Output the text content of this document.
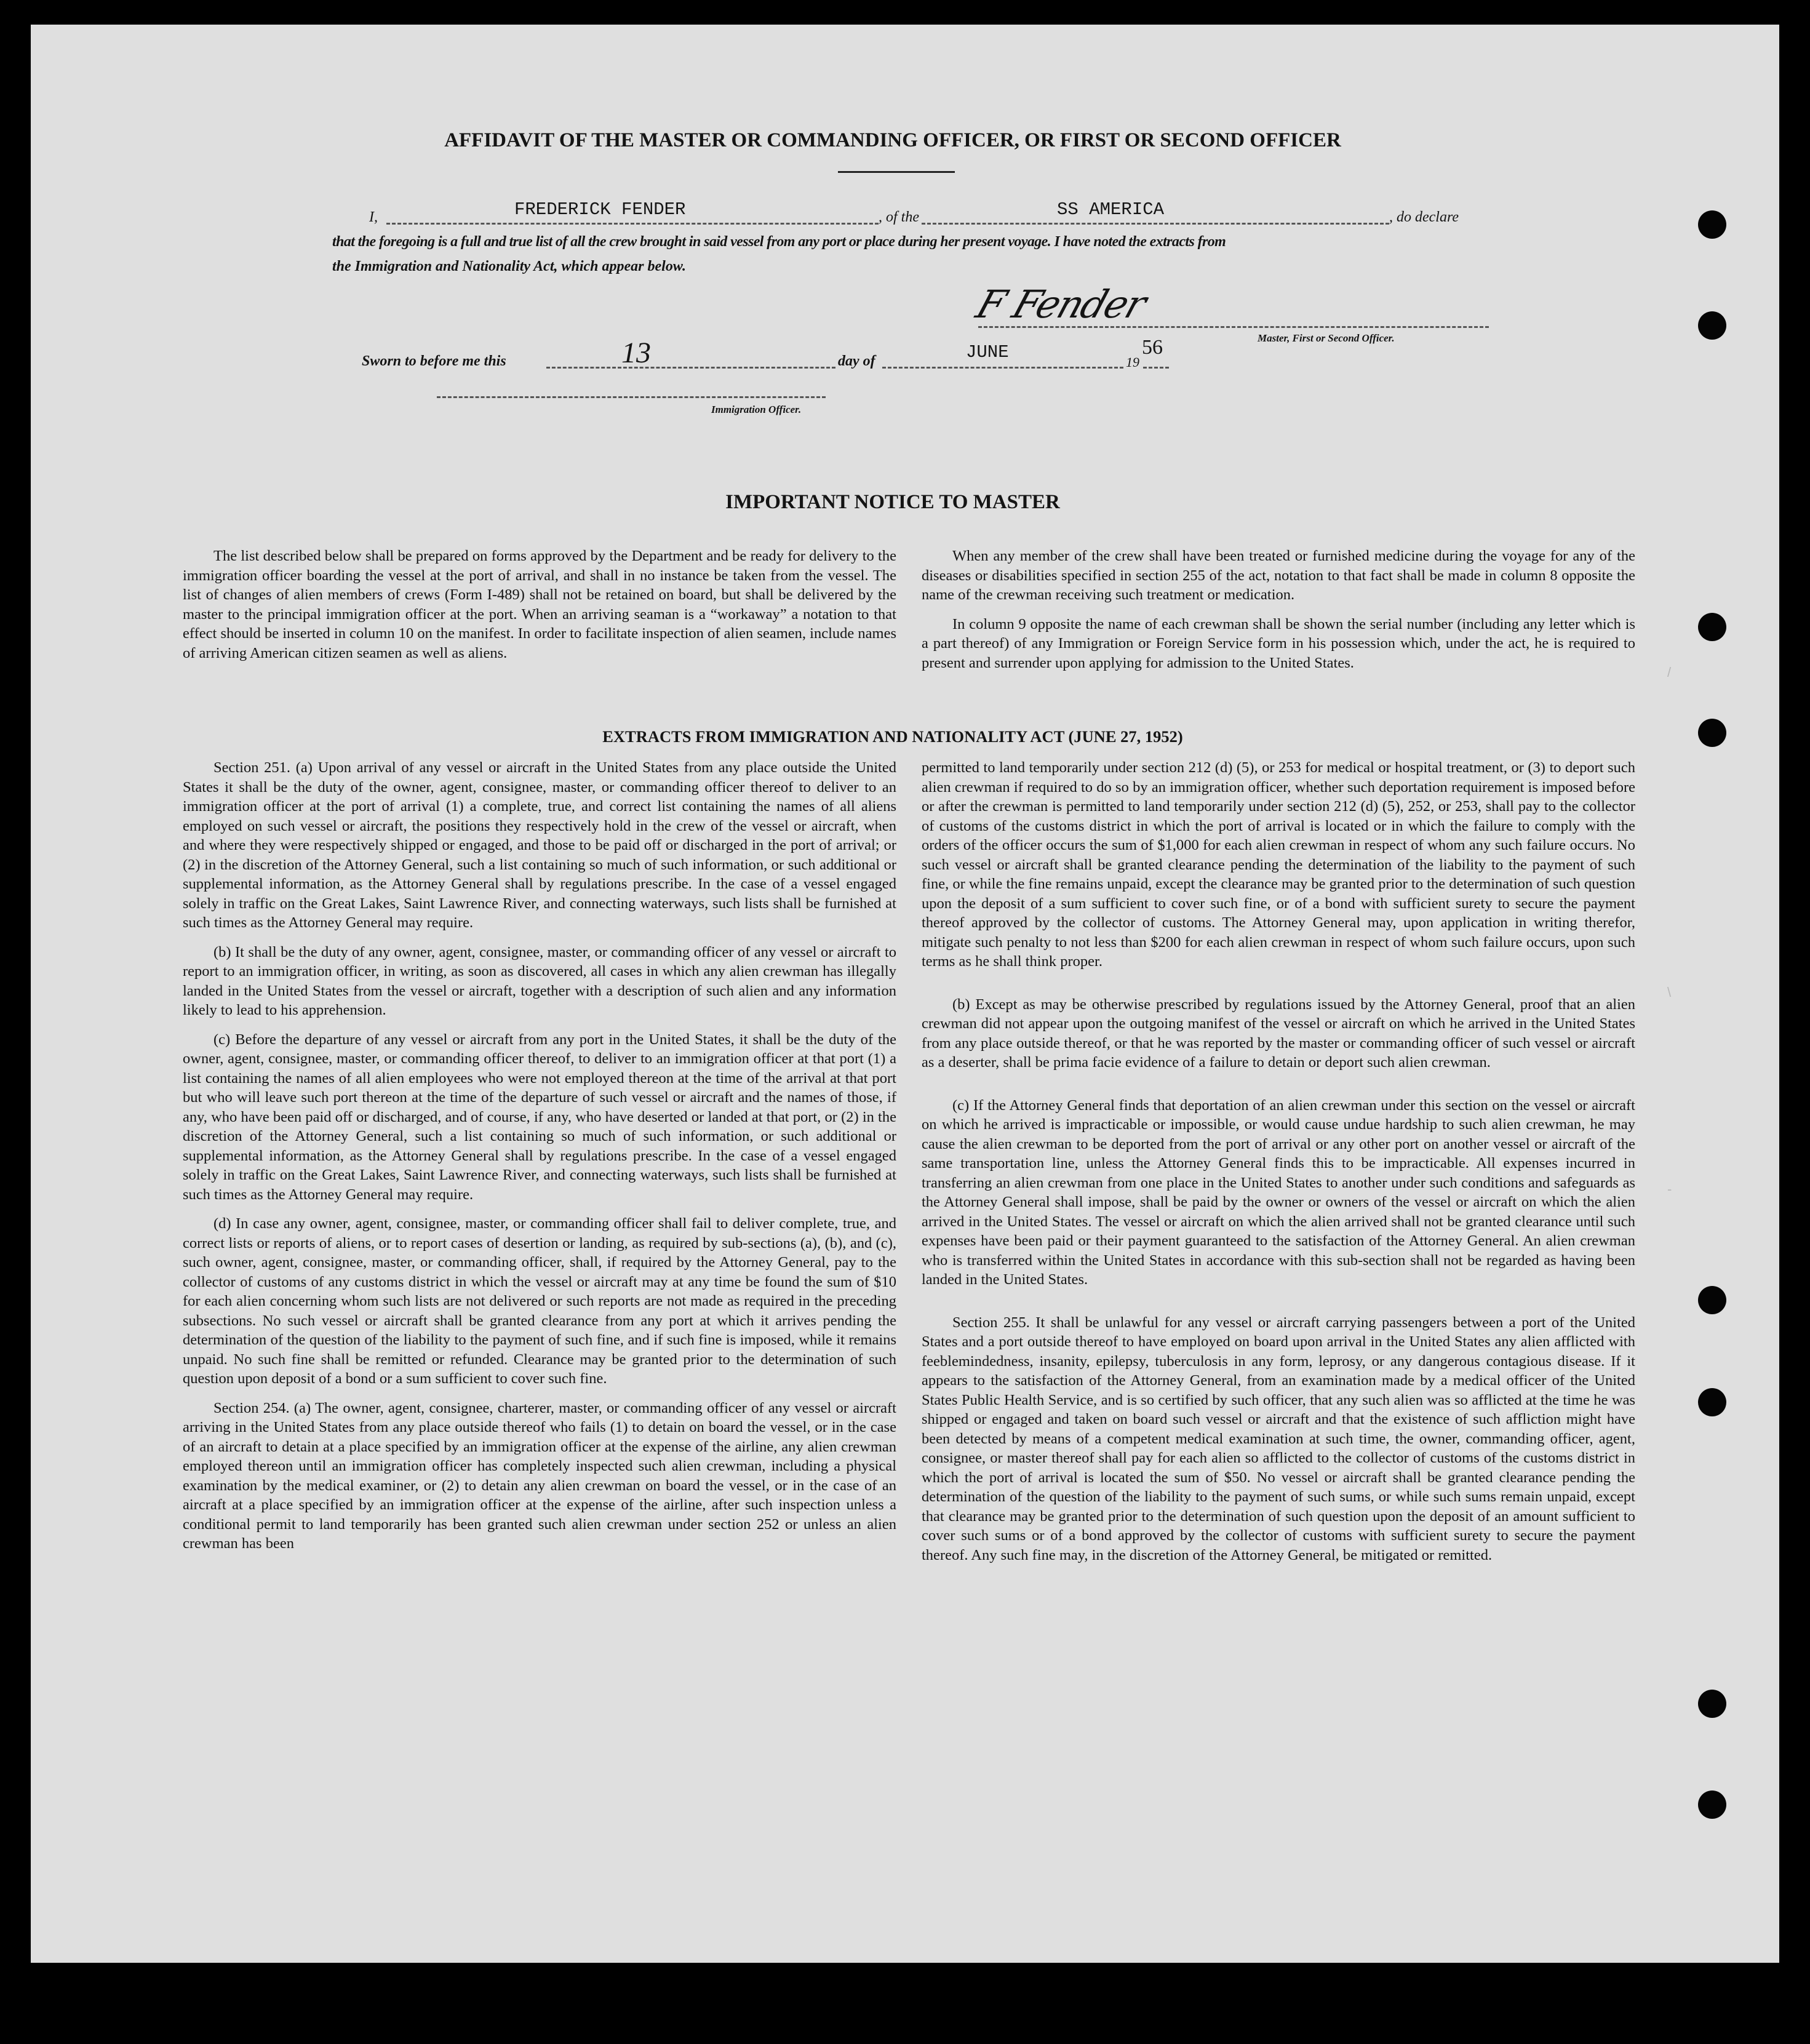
/
\
-
AFFIDAVIT OF THE MASTER OR COMMANDING OFFICER, OR FIRST OR SECOND OFFICER
I,	FREDERICK FENDER	, of the	SS AMERICA	, do declare
that the foregoing is a full and true list of all the crew brought in said vessel from any port or place during her present voyage. I have noted the extracts from
the Immigration and Nationality Act, which appear below.
F Fender
Master, First or Second Officer.
Sworn to before me this	13	day of	JUNE	19
56
Immigration Officer.
IMPORTANT NOTICE TO MASTER

The list described below shall be prepared on forms approved by the Department and be ready for delivery to the immigration officer boarding the vessel at the port of arrival, and shall in no instance be taken from the vessel. The list of changes of alien members of crews (Form I-489) shall not be retained on board, but shall be delivered by the master to the principal immigration officer at the port. When an arriving seaman is a “workaway” a notation to that effect should be inserted in column 10 on the manifest. In order to facilitate inspection of alien seamen, include names of arriving American citizen seamen as well as aliens.

When any member of the crew shall have been treated or furnished medicine during the voyage for any of the diseases or disabilities specified in section 255 of the act, notation to that fact shall be made in column 8 opposite the name of the crewman receiving such treatment or medication.

In column 9 opposite the name of each crewman shall be shown the serial number (including any letter which is a part thereof) of any Immigration or Foreign Service form in his possession which, under the act, he is required to present and surrender upon applying for admission to the United States.

EXTRACTS FROM IMMIGRATION AND NATIONALITY ACT (JUNE 27, 1952)

Section 251. (a) Upon arrival of any vessel or aircraft in the United States from any place outside the United States it shall be the duty of the owner, agent, consignee, master, or commanding officer thereof to deliver to an immigration officer at the port of arrival (1) a complete, true, and correct list containing the names of all aliens employed on such vessel or aircraft, the positions they respectively hold in the crew of the vessel or aircraft, when and where they were respectively shipped or engaged, and those to be paid off or discharged in the port of arrival; or (2) in the discretion of the Attorney General, such a list containing so much of such information, or such additional or supplemental information, as the Attorney General shall by regulations prescribe. In the case of a vessel engaged solely in traffic on the Great Lakes, Saint Lawrence River, and connecting waterways, such lists shall be furnished at such times as the Attorney General may require.

(b) It shall be the duty of any owner, agent, consignee, master, or commanding officer of any vessel or aircraft to report to an immigration officer, in writing, as soon as discovered, all cases in which any alien crewman has illegally landed in the United States from the vessel or aircraft, together with a description of such alien and any information likely to lead to his apprehension.

(c) Before the departure of any vessel or aircraft from any port in the United States, it shall be the duty of the owner, agent, consignee, master, or commanding officer thereof, to deliver to an immigration officer at that port (1) a list containing the names of all alien employees who were not employed thereon at the time of the arrival at that port but who will leave such port thereon at the time of the departure of such vessel or aircraft and the names of those, if any, who have been paid off or discharged, and of course, if any, who have deserted or landed at that port, or (2) in the discretion of the Attorney General, such a list containing so much of such information, or such additional or supplemental information, as the Attorney General shall by regulations prescribe. In the case of a vessel engaged solely in traffic on the Great Lakes, Saint Lawrence River, and connecting waterways, such lists shall be furnished at such times as the Attorney General may require.

(d) In case any owner, agent, consignee, master, or commanding officer shall fail to deliver complete, true, and correct lists or reports of aliens, or to report cases of desertion or landing, as required by sub-sections (a), (b), and (c), such owner, agent, consignee, master, or commanding officer, shall, if required by the Attorney General, pay to the collector of customs of any customs district in which the vessel or aircraft may at any time be found the sum of $10 for each alien concerning whom such lists are not delivered or such reports are not made as required in the preceding subsections. No such vessel or aircraft shall be granted clearance from any port at which it arrives pending the determination of the question of the liability to the payment of such fine, and if such fine is imposed, while it remains unpaid. No such fine shall be remitted or refunded. Clearance may be granted prior to the determination of such question upon deposit of a bond or a sum sufficient to cover such fine.

Section 254. (a) The owner, agent, consignee, charterer, master, or commanding officer of any vessel or aircraft arriving in the United States from any place outside thereof who fails (1) to detain on board the vessel, or in the case of an aircraft to detain at a place specified by an immigration officer at the expense of the airline, any alien crewman employed thereon until an immigration officer has completely inspected such alien crewman, including a physical examination by the medical examiner, or (2) to detain any alien crewman on board the vessel, or in the case of an aircraft at a place specified by an immigration officer at the expense of the airline, after such inspection unless a conditional permit to land temporarily has been granted such alien crewman under section 252 or unless an alien crewman has been

permitted to land temporarily under section 212 (d) (5), or 253 for medical or hospital treatment, or (3) to deport such alien crewman if required to do so by an immigration officer, whether such deportation requirement is imposed before or after the crewman is permitted to land temporarily under section 212 (d) (5), 252, or 253, shall pay to the collector of customs of the customs district in which the port of arrival is located or in which the failure to comply with the orders of the officer occurs the sum of $1,000 for each alien crewman in respect of whom any such failure occurs. No such vessel or aircraft shall be granted clearance pending the determination of the liability to the payment of such fine, or while the fine remains unpaid, except the clearance may be granted prior to the determination of such question upon the deposit of a sum sufficient to cover such fine, or of a bond with sufficient surety to secure the payment thereof approved by the collector of customs. The Attorney General may, upon application in writing therefor, mitigate such penalty to not less than $200 for each alien crewman in respect of whom such failure occurs, upon such terms as he shall think proper.

(b) Except as may be otherwise prescribed by regulations issued by the Attorney General, proof that an alien crewman did not appear upon the outgoing manifest of the vessel or aircraft on which he arrived in the United States from any place outside thereof, or that he was reported by the master or commanding officer of such vessel or aircraft as a deserter, shall be prima facie evidence of a failure to detain or deport such alien crewman.

(c) If the Attorney General finds that deportation of an alien crewman under this section on the vessel or aircraft on which he arrived is impracticable or impossible, or would cause undue hardship to such alien crewman, he may cause the alien crewman to be deported from the port of arrival or any other port on another vessel or aircraft of the same transportation line, unless the Attorney General finds this to be impracticable. All expenses incurred in transferring an alien crewman from one place in the United States to another under such conditions and safeguards as the Attorney General shall impose, shall be paid by the owner or owners of the vessel or aircraft on which the alien arrived in the United States. The vessel or aircraft on which the alien arrived shall not be granted clearance until such expenses have been paid or their payment guaranteed to the satisfaction of the Attorney General. An alien crewman who is transferred within the United States in accordance with this sub-section shall not be regarded as having been landed in the United States.

Section 255. It shall be unlawful for any vessel or aircraft carrying passengers between a port of the United States and a port outside thereof to have employed on board upon arrival in the United States any alien afflicted with feeblemindedness, insanity, epilepsy, tuberculosis in any form, leprosy, or any dangerous contagious disease. If it appears to the satisfaction of the Attorney General, from an examination made by a medical officer of the United States Public Health Service, and is so certified by such officer, that any such alien was so afflicted at the time he was shipped or engaged and taken on board such vessel or aircraft and that the existence of such affliction might have been detected by means of a competent medical examination at such time, the owner, commanding officer, agent, consignee, or master thereof shall pay for each alien so afflicted to the collector of customs of the customs district in which the port of arrival is located the sum of $50. No vessel or aircraft shall be granted clearance pending the determination of the question of the liability to the payment of such sums, or while such sums remain unpaid, except that clearance may be granted prior to the determination of such question upon the deposit of an amount sufficient to cover such sums or of a bond approved by the collector of customs with sufficient surety to secure the payment thereof. Any such fine may, in the discretion of the Attorney General, be mitigated or remitted.
